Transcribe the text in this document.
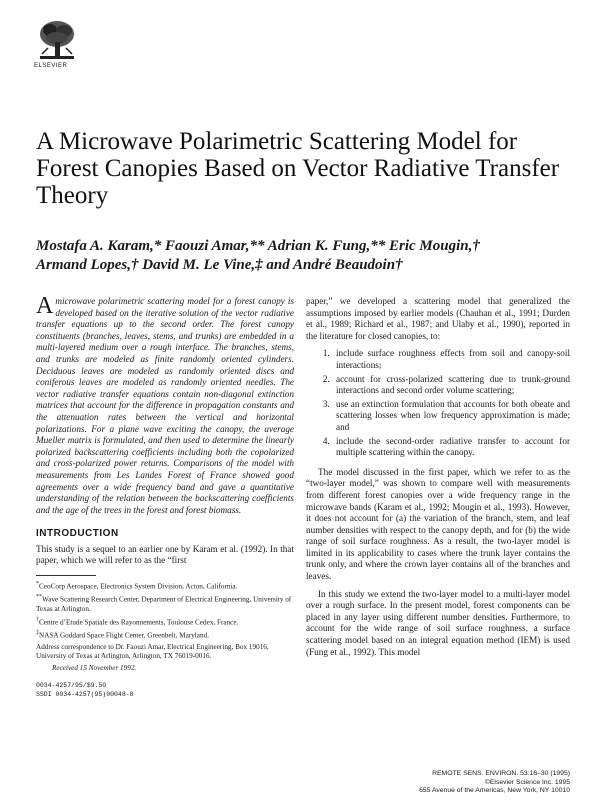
ELSEVIER
A Microwave Polarimetric Scattering Model for Forest Canopies Based on Vector Radiative Transfer Theory
Mostafa A. Karam,* Faouzi Amar,** Adrian K. Fung,** Eric Mougin,†
Armand Lopes,† David M. Le Vine,‡ and André Beaudoin†

Amicrowave polarimetric scattering model for a forest canopy is developed based on the iterative solution of the vector radiative transfer equations up to the second order. The forest canopy constituents (branches, leaves, stems, and trunks) are embedded in a multi-layered medium over a rough interface. The branches, stems, and trunks are modeled as finite randomly oriented cylinders. Deciduous leaves are modeled as randomly oriented discs and coniferous leaves are modeled as randomly oriented needles. The vector radiative transfer equations contain non-diagonal extinction matrices that account for the difference in propagation constants and the attenuation rates between the vertical and horizontal polarizations. For a plane wave exciting the canopy, the average Mueller matrix is formulated, and then used to determine the linearly polarized backscattering coefficients including both the copolarized and cross-polarized power returns. Comparisons of the model with measurements from Les Landes Forest of France showed good agreements over a wide frequency band and gave a quantitative understanding of the relation between the backscattering coefficients and the age of the trees in the forest and forest biomass.

INTRODUCTION

This study is a sequel to an earlier one by Karam et al. (1992). In that paper, which we will refer to as the “first

*CeoCorp Aerospace, Electronics System Division, Acton, California.

**Wave Scattering Research Center, Department of Electrical Engineering, University of Texas at Arlington.

†Centre d’Etude Spatiale des Rayonnements, Toulouse Cedex, France.

‡NASA Goddard Space Flight Center, Greenbelt, Maryland.

Address correspondence to Dr. Faouzi Amar, Electrical Engineering, Box 19016, University of Texas at Arlington, Arlington, TX 76019-0016.

Received 15 November 1992.
0034-4257/95/$9.50
SSDI 0034-4257(95)00048-8

paper,” we developed a scattering model that generalized the assumptions imposed by earlier models (Chauhan et al., 1991; Durden et al., 1989; Richard et al., 1987; and Ulaby et al., 1990), reported in the literature for closed canopies, to:

1. include surface roughness effects from soil and canopy-soil interactions;
2. account for cross-polarized scattering due to trunk-ground interactions and second order volume scattering;
3. use an extinction formulation that accounts for both obeate and scattering losses when low frequency approximation is made; and
4. include the second-order radiative transfer to account for multiple scattering within the canopy.

The model discussed in the first paper, which we refer to as the “two-layer model,” was shown to compare well with measurements from different forest canopies over a wide frequency range in the microwave bands (Karam et al., 1992; Mougin et al., 1993). However, it does not account for (a) the variation of the branch, stem, and leaf number densities with respect to the canopy depth, and for (b) the wide range of soil surface roughness. As a result, the two-layer model is limited in its applicability to cases where the trunk layer contains the trunk only, and where the crown layer contains all of the branches and leaves.

In this study we extend the two-layer model to a multi-layer model over a rough surface. In the present model, forest components can be placed in any layer using different number densities. Furthermore, to account for the wide range of soil surface roughness, a surface scattering model based on an integral equation method (IEM) is used (Fung et al., 1992). This model

REMOTE SENS. ENVIRON. 53:16–30 (1995)
©Elsevier Science Inc. 1995
655 Avenue of the Americas, New York, NY 10010
